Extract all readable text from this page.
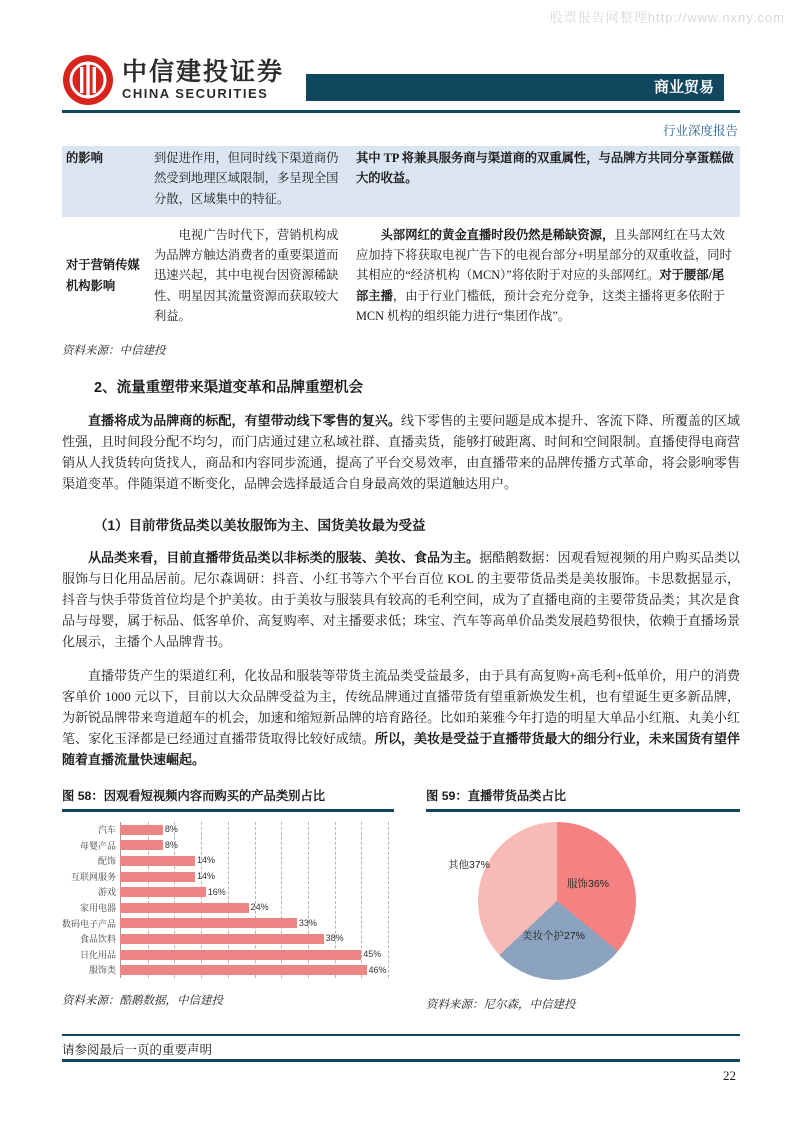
股票报告网整理http://www.nxny.com
中信建投证券
CHINA SECURITIES	商业贸易
行业深度报告
的影响	到促进作用，但同时线下渠道商仍然受到地理区域限制，多呈现全国分散，区域集中的特征。	其中 TP 将兼具服务商与渠道商的双重属性，与品牌方共同分享蛋糕做大的收益。
对于营销传媒机构影响	电视广告时代下，营销机构成为品牌方触达消费者的重要渠道而迅速兴起，其中电视台因资源稀缺性、明星因其流量资源而获取较大利益。	头部网红的黄金直播时段仍然是稀缺资源，且头部网红在马太效应加持下将获取电视广告下的电视台部分+明星部分的双重收益，同时其相应的“经济机构（MCN）”将依附于对应的头部网红。对于腰部/尾部主播，由于行业门槛低，预计会充分竞争，这类主播将更多依附于 MCN 机构的组织能力进行“集团作战”。
资料来源：中信建投
2、流量重塑带来渠道变革和品牌重塑机会
直播将成为品牌商的标配，有望带动线下零售的复兴。线下零售的主要问题是成本提升、客流下降、所覆盖的区域性强，且时间段分配不均匀，而门店通过建立私域社群、直播卖货，能够打破距离、时间和空间限制。直播使得电商营销从人找货转向货找人，商品和内容同步流通，提高了平台交易效率，由直播带来的品牌传播方式革命，将会影响零售渠道变革。伴随渠道不断变化，品牌会选择最适合自身最高效的渠道触达用户。
（1）目前带货品类以美妆服饰为主、国货美妆最为受益
从品类来看，目前直播带货品类以非标类的服装、美妆、食品为主。据酷鹅数据：因观看短视频的用户购买品类以服饰与日化用品居前。尼尔森调研：抖音、小红书等六个平台百位 KOL 的主要带货品类是美妆服饰。卡思数据显示，抖音与快手带货首位均是个护美妆。由于美妆与服装具有较高的毛利空间，成为了直播电商的主要带货品类；其次是食品与母婴，属于标品、低客单价、高复购率、对主播要求低；珠宝、汽车等高单价品类发展趋势很快，依赖于直播场景化展示，主播个人品牌背书。
直播带货产生的渠道红利，化妆品和服装等带货主流品类受益最多，由于具有高复购+高毛利+低单价，用户的消费客单价 1000 元以下，目前以大众品牌受益为主，传统品牌通过直播带货有望重新焕发生机，也有望诞生更多新品牌，为新锐品牌带来弯道超车的机会，加速和缩短新品牌的培育路径。比如珀莱雅今年打造的明星大单品小红瓶、丸美小红笔、家化玉泽都是已经通过直播带货取得比较好成绩。所以，美妆是受益于直播带货最大的细分行业，未来国货有望伴随着直播流量快速崛起。
图 58：因观看短视频内容而购买的产品类别占比
汽车	8%
母婴产品	8%
配饰	14%
互联网服务	14%
游戏	16%
家用电器	24%
数码电子产品	33%
食品饮料	38%
日化用品	45%
服饰类	46%
资料来源：酷鹅数据，中信建投
图 59：直播带货品类占比
服饰36%
美妆个护27%
其他37%
资料来源：尼尔森，中信建投
请参阅最后一页的重要声明
22
